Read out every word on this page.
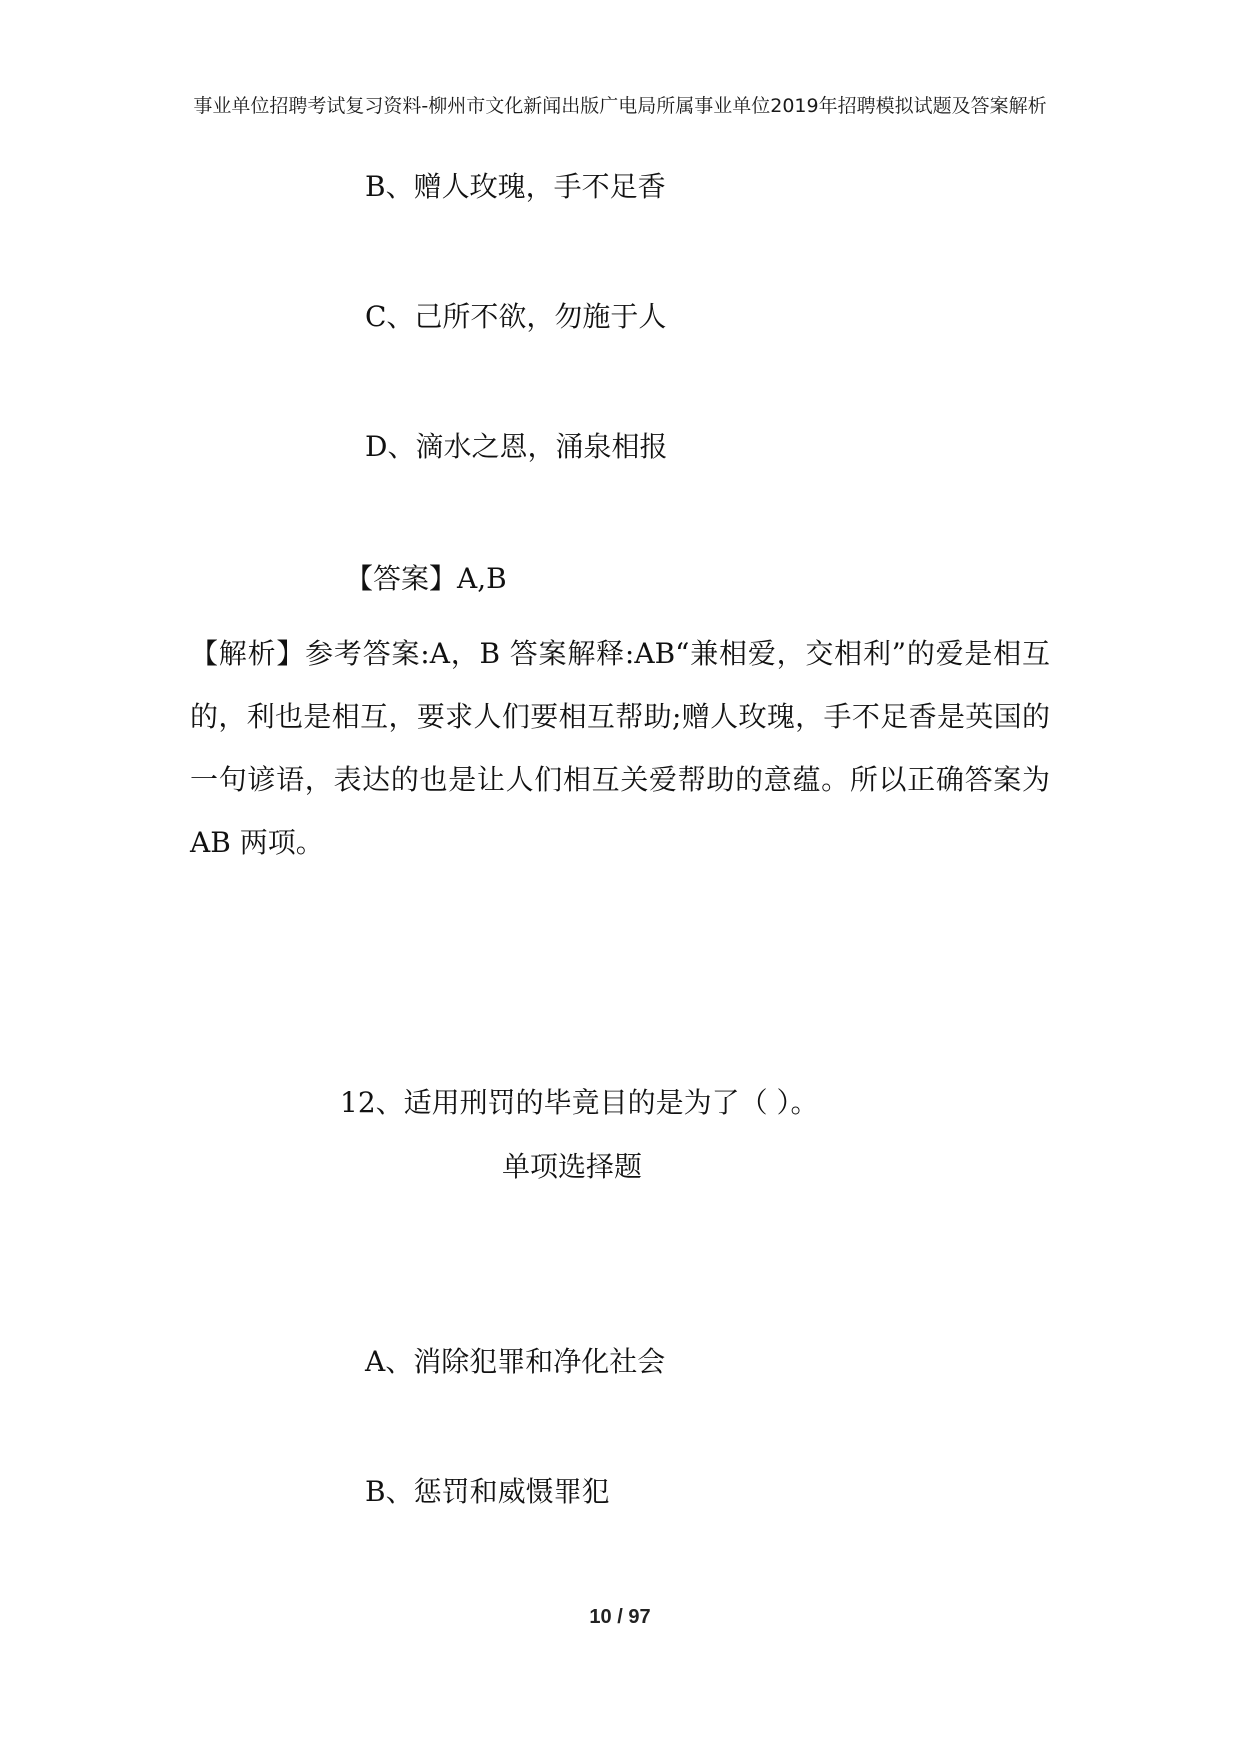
事业单位招聘考试复习资料-柳州市文化新闻出版广电局所属事业单位2019年招聘模拟试题及答案解析
B、赠人玫瑰，手不足香
C、己所不欲，勿施于人
D、滴水之恩，涌泉相报
【答案】A,B
【解析】参考答案:A，B 答案解释:AB“兼相爱，交相利”的爱是相互的，利也是相互，要求人们要相互帮助;赠人玫瑰，手不足香是英国的一句谚语，表达的也是让人们相互关爱帮助的意蕴。所以正确答案为 AB 两项。
12、适用刑罚的毕竟目的是为了（ ）。
单项选择题
A、消除犯罪和净化社会
B、惩罚和威慑罪犯
10 / 97
